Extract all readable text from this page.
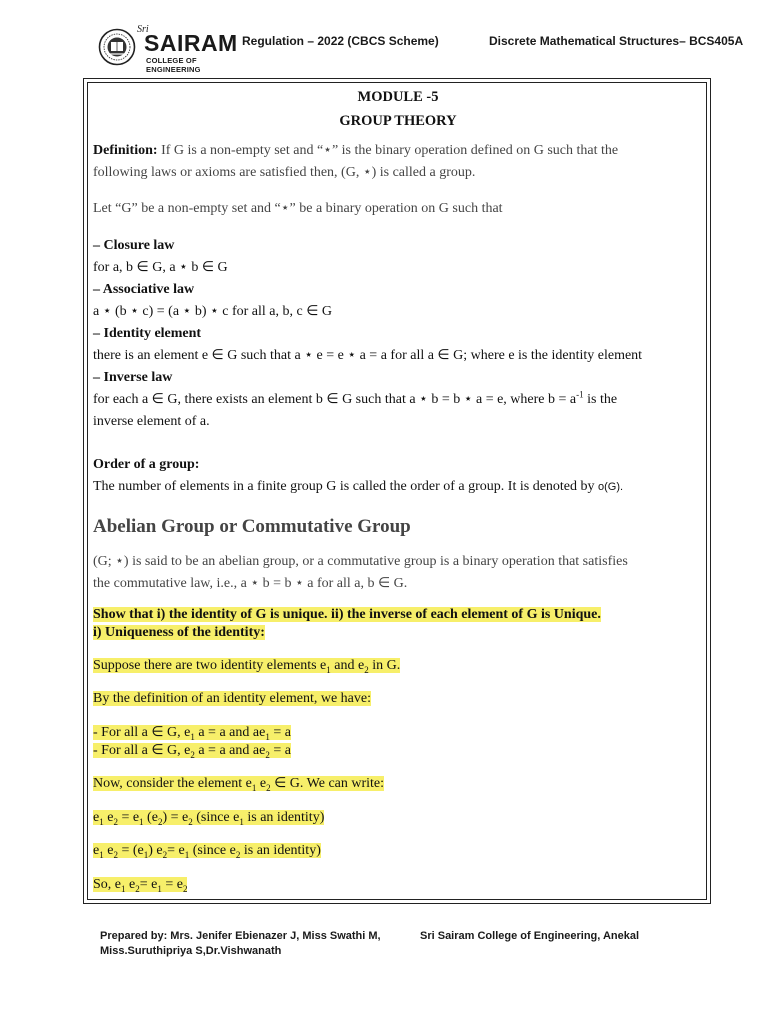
Sri
SAIRAM
COLLEGE OF ENGINEERING
Regulation – 2022 (CBCS Scheme)	Discrete Mathematical Structures– BCS405A
MODULE -5
GROUP THEORY
Definition: If G is a non-empty set and “⋆” is the binary operation defined on G such that the
following laws or axioms are satisfied then, (G, ⋆) is called a group.
Let “G” be a non-empty set and “⋆” be a binary operation on G such that
– Closure law
for a, b ∈ G, a ⋆ b ∈ G
– Associative law
a ⋆ (b ⋆ c) = (a ⋆ b) ⋆ c for all a, b, c ∈ G
– Identity element
there is an element e ∈ G such that a ⋆ e = e ⋆ a = a for all a ∈ G; where e is the identity element
– Inverse law
for each a ∈ G, there exists an element b ∈ G such that a ⋆ b = b ⋆ a = e, where $b = a^{-1}$ is the
inverse element of a.
Order of a group:
The number of elements in a finite group G is called the order of a group. It is denoted by o(G).
Abelian Group or Commutative Group
(G; ⋆) is said to be an abelian group, or a commutative group is a binary operation that satisfies
the commutative law, i.e., a ⋆ b = b ⋆ a for all a, b ∈ G.
Show that i) the identity of G is unique. ii) the inverse of each element of G is Unique.
i) Uniqueness of the identity:
Suppose there are two identity elements $e_1$ and $e_2$ in G.
By the definition of an identity element, we have:
- For all a ∈ G, $e_1$ a = a and $ae_1 = a$
- For all a ∈ G, $e_2$ a = a and $ae_2 = a$
Now, consider the element $e_1$ $e_2$ ∈ G. We can write:
$e_1$ $e_2 = e_1$ $(e_2) = e_2$ (since $e_1$ is an identity)
$e_1$ $e_2 = (e_1)$ $e_2= e_1$ (since $e_2$ is an identity)
So, $e_1$ $e_2= e_1 = e_2$
Prepared by: Mrs. Jenifer Ebienazer J, Miss Swathi M, Miss.Suruthipriya S,Dr.Vishwanath
Sri Sairam College of Engineering, Anekal
